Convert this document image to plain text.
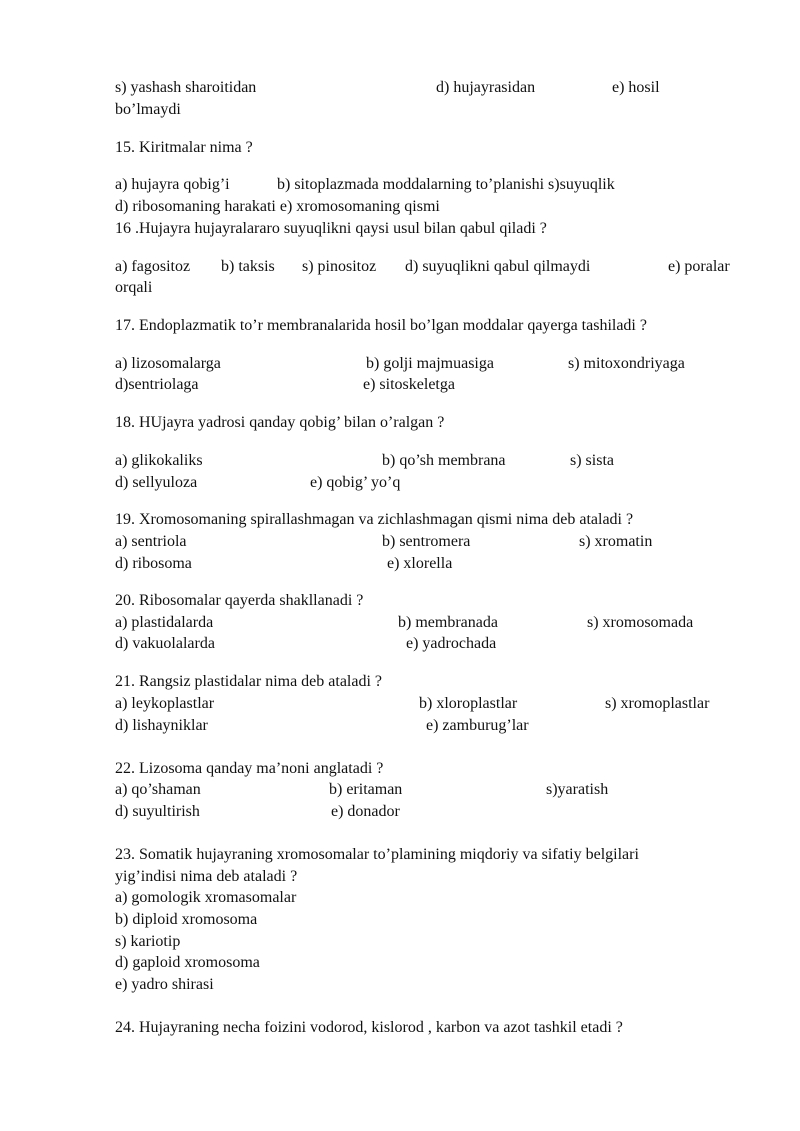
s) yashash sharoitidan	d) hujayrasidan	e) hosil
bo’lmaydi
15. Kiritmalar nima ?
a) hujayra qobig’i	b) sitoplazmada moddalarning to’planishi s)suyuqlik
d) ribosomaning harakati e) xromosomaning qismi
16 .Hujayra hujayralararo suyuqlikni qaysi usul bilan qabul qiladi ?
a) fagositoz b) taksis s) pinositoz d) suyuqlikni qabul qilmaydi	e) poralar
orqali
17. Endoplazmatik to’r membranalarida hosil bo’lgan moddalar qayerga tashiladi ?
a) lizosomalarga	b) golji majmuasiga	s) mitoxondriyaga
d)sentriolaga	e) sitoskeletga
18. HUjayra yadrosi qanday qobig’ bilan o’ralgan ?
a) glikokaliks	b) qo’sh membrana	s) sista
d) sellyuloza	e) qobig’ yo’q
19. Xromosomaning spirallashmagan va zichlashmagan qismi nima deb ataladi ?
a) sentriola	b) sentromera	s) xromatin
d) ribosoma	e) xlorella
20. Ribosomalar qayerda shakllanadi ?
a) plastidalarda	b) membranada	s) xromosomada
d) vakuolalarda	e) yadrochada
21. Rangsiz plastidalar nima deb ataladi ?
a) leykoplastlar	b) xloroplastlar	s) xromoplastlar
d) lishayniklar	e) zamburug’lar
22. Lizosoma qanday ma’noni anglatadi ?
a) qo’shaman	b) eritaman	s)yaratish
d) suyultirish	e) donador
23. Somatik hujayraning xromosomalar to’plamining miqdoriy va sifatiy belgilari
yig’indisi nima deb ataladi ?
a) gomologik xromasomalar
b) diploid xromosoma
s) kariotip
d) gaploid xromosoma
e) yadro shirasi
24. Hujayraning necha foizini vodorod, kislorod , karbon va azot tashkil etadi ?
